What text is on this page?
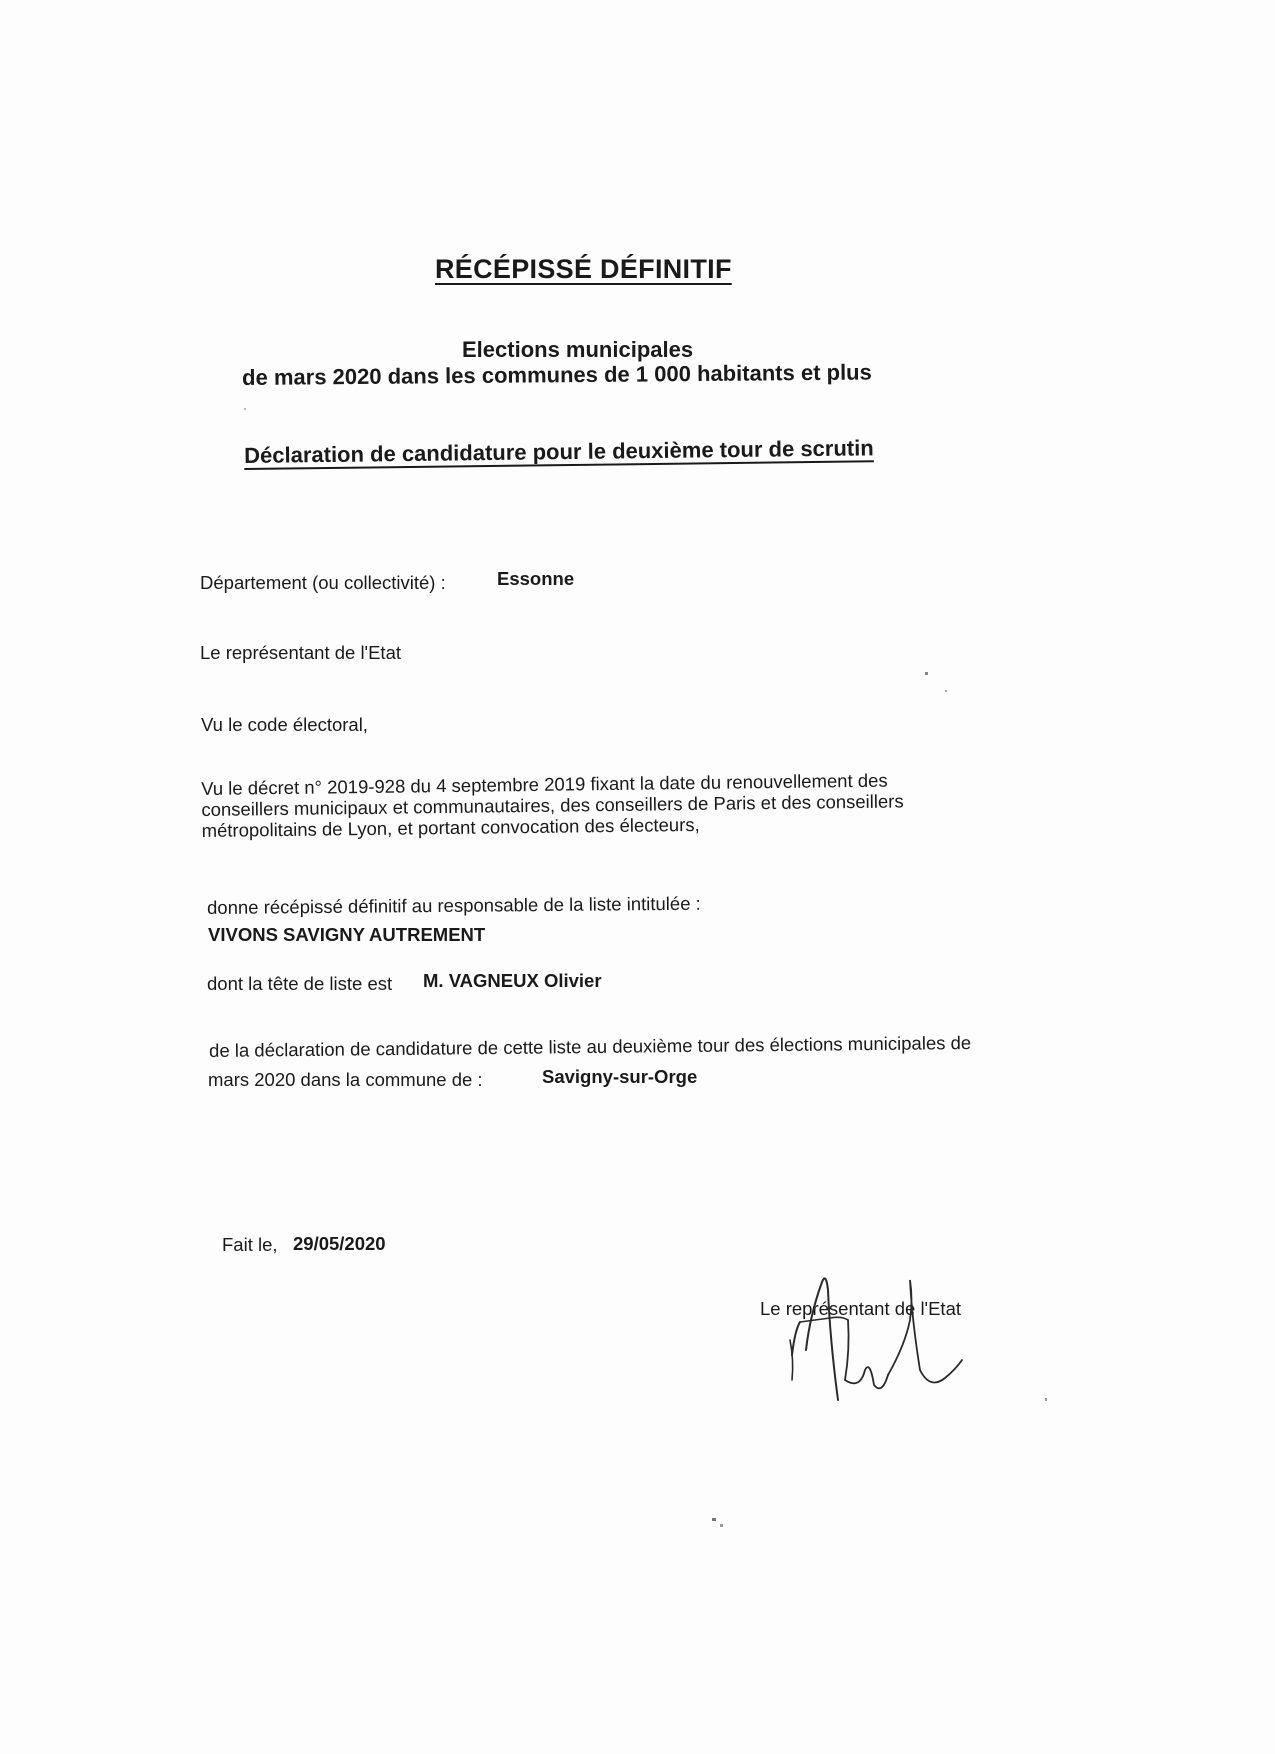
RÉCÉPISSÉ DÉFINITIF
Elections municipales
de mars 2020 dans les communes de 1 000 habitants et plus
Déclaration de candidature pour le deuxième tour de scrutin
Département (ou collectivité) :	Essonne
Le représentant de l'Etat
Vu le code électoral,
Vu le décret n° 2019-928 du 4 septembre 2019 fixant la date du renouvellement des
conseillers municipaux et communautaires, des conseillers de Paris et des conseillers
métropolitains de Lyon, et portant convocation des électeurs,
donne récépissé définitif au responsable de la liste intitulée :
VIVONS SAVIGNY AUTREMENT
dont la tête de liste est M. VAGNEUX Olivier
de la déclaration de candidature de cette liste au deuxième tour des élections municipales de
mars 2020 dans la commune de :	Savigny-sur-Orge
Fait le, 29/05/2020
Le représentant de l'Etat
